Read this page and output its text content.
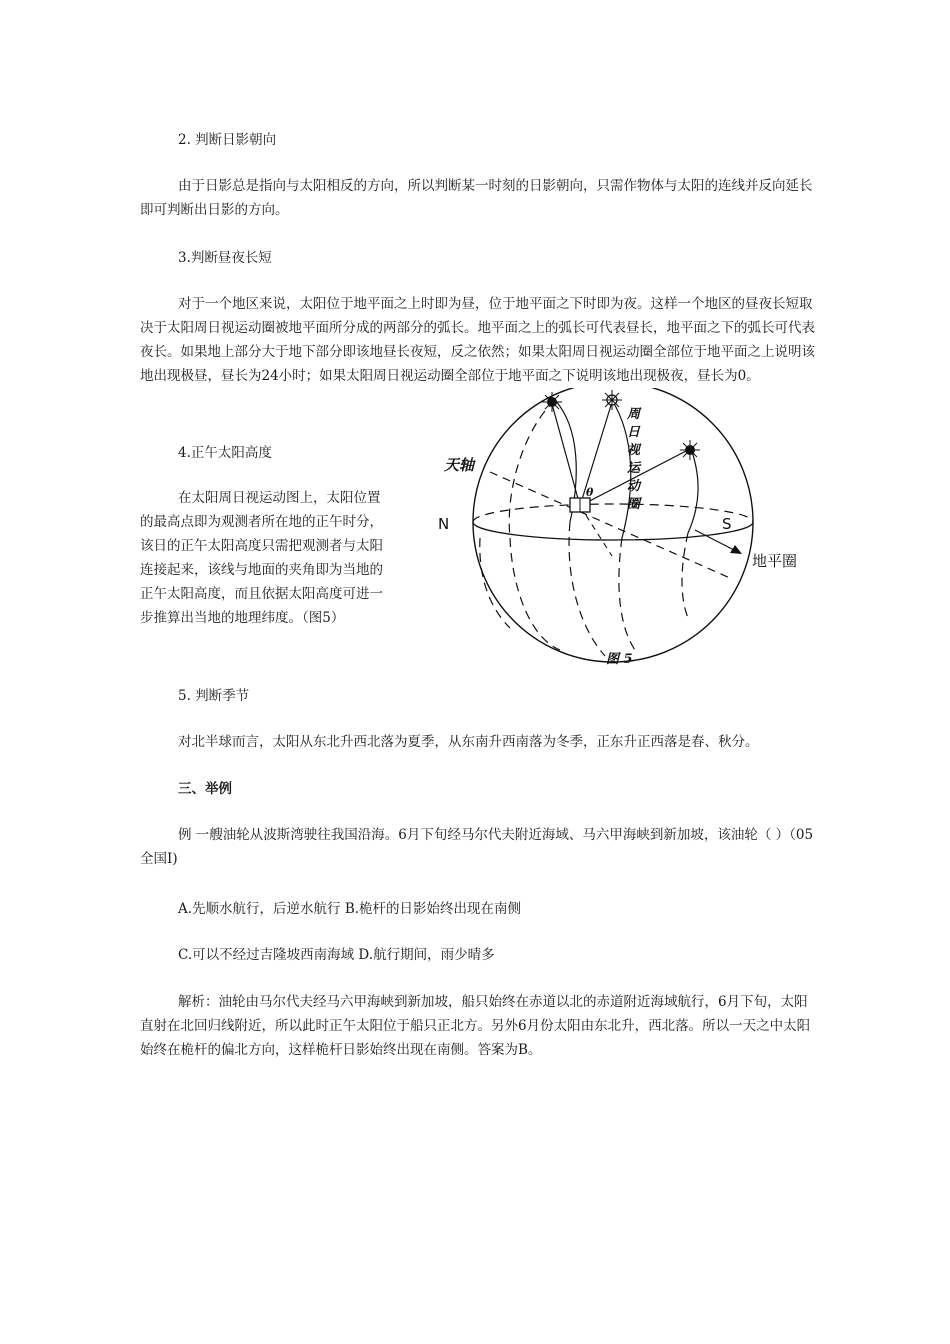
2. 判断日影朝向

由于日影总是指向与太阳相反的方向，所以判断某一时刻的日影朝向，只需作物体与太阳的连线并反向延长即可判断出日影的方向。

3.判断昼夜长短

对于一个地区来说，太阳位于地平面之上时即为昼，位于地平面之下时即为夜。这样一个地区的昼夜长短取决于太阳周日视运动圈被地平面所分成的两部分的弧长。地平面之上的弧长可代表昼长，地平面之下的弧长可代表夜长。如果地上部分大于地下部分即该地昼长夜短，反之依然；如果太阳周日视运动圈全部位于地平面之上说明该地出现极昼，昼长为24小时；如果太阳周日视运动圈全部位于地平面之下说明该地出现极夜，昼长为0。

4.正午太阳高度

在太阳周日视运动图上，太阳位置的最高点即为观测者所在地的正午时分，该日的正午太阳高度只需把观测者与太阳连接起来，该线与地面的夹角即为当地的正午太阳高度，而且依据太阳高度可进一步推算出当地的地理纬度。（图5）

天轴
N	S
地平圈
θ
图 5
周日视运动圈

5. 判断季节

对北半球而言，太阳从东北升西北落为夏季，从东南升西南落为冬季，正东升正西落是春、秋分。

三、举例

例 一艘油轮从波斯湾驶往我国沿海。6月下旬经马尔代夫附近海域、马六甲海峡到新加坡，该油轮（ ）（05全国I)

A.先顺水航行，后逆水航行 B.桅杆的日影始终出现在南侧

C.可以不经过吉隆坡西南海域 D.航行期间，雨少晴多

解析：油轮由马尔代夫经马六甲海峡到新加坡，船只始终在赤道以北的赤道附近海域航行，6月下旬，太阳直射在北回归线附近，所以此时正午太阳位于船只正北方。另外6月份太阳由东北升，西北落。所以一天之中太阳始终在桅杆的偏北方向，这样桅杆日影始终出现在南侧。答案为B。
